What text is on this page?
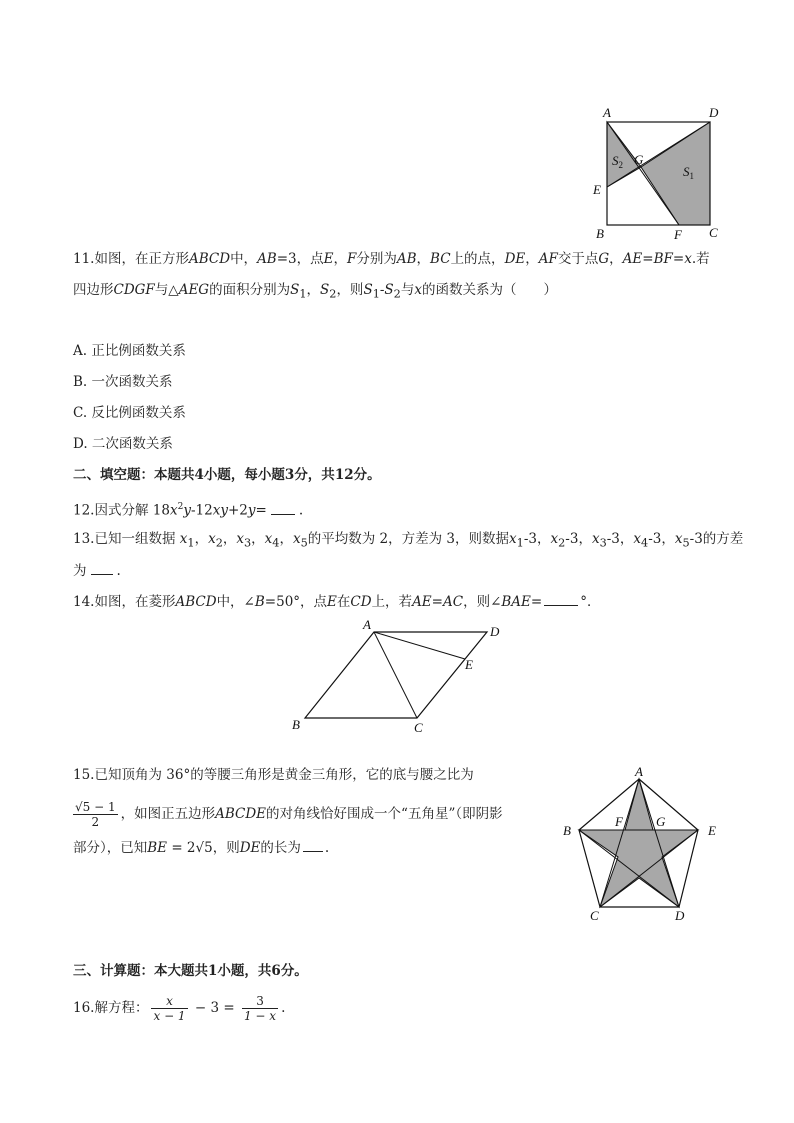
A	D
E
B	F C
G
$S_2$	$S_1$
11.如图，在正方形ABCD中，AB=3，点E，F分别为AB，BC上的点，DE，AF交于点G，AE=BF=x.若
四边形CDGF与△AEG的面积分别为$S_1$，$S_2$，则$S_1-S_2$与x的函数关系为（　　）
A. 正比例函数关系
B. 一次函数关系
C. 反比例函数关系
D. 二次函数关系
二、填空题：本题共4小题，每小题3分，共12分。
12.因式分解 $18x^2y-12xy+2y=$ .
13.已知一组数据 $x_1$，$x_2$，$x_3$，$x_4$，$x_5$的平均数为 2，方差为 3，则数据$x_1-3$，$x_2-3$，$x_3-3$，$x_4-3$，$x_5-3$的方差
为 .
14.如图，在菱形ABCD中，∠B=50°，点E在CD上，若AE=AC，则∠BAE=	°．
A	D
E
B	C
15.已知顶角为 36°的等腰三角形是黄金三角形，它的底与腰之比为
$\frac{√5 - 1}{2}$ ，如图正五边形ABCDE的对角线恰好围成一个“五角星”（即阴影
部分），已知BE = 2√5，则DE的长为 .
A
B	E
F	G
C	D
三、计算题：本大题共1小题，共6分。
16.解方程： $\frac{x}{x - 1} - 3 = \frac{3}{1 - x}$ .
